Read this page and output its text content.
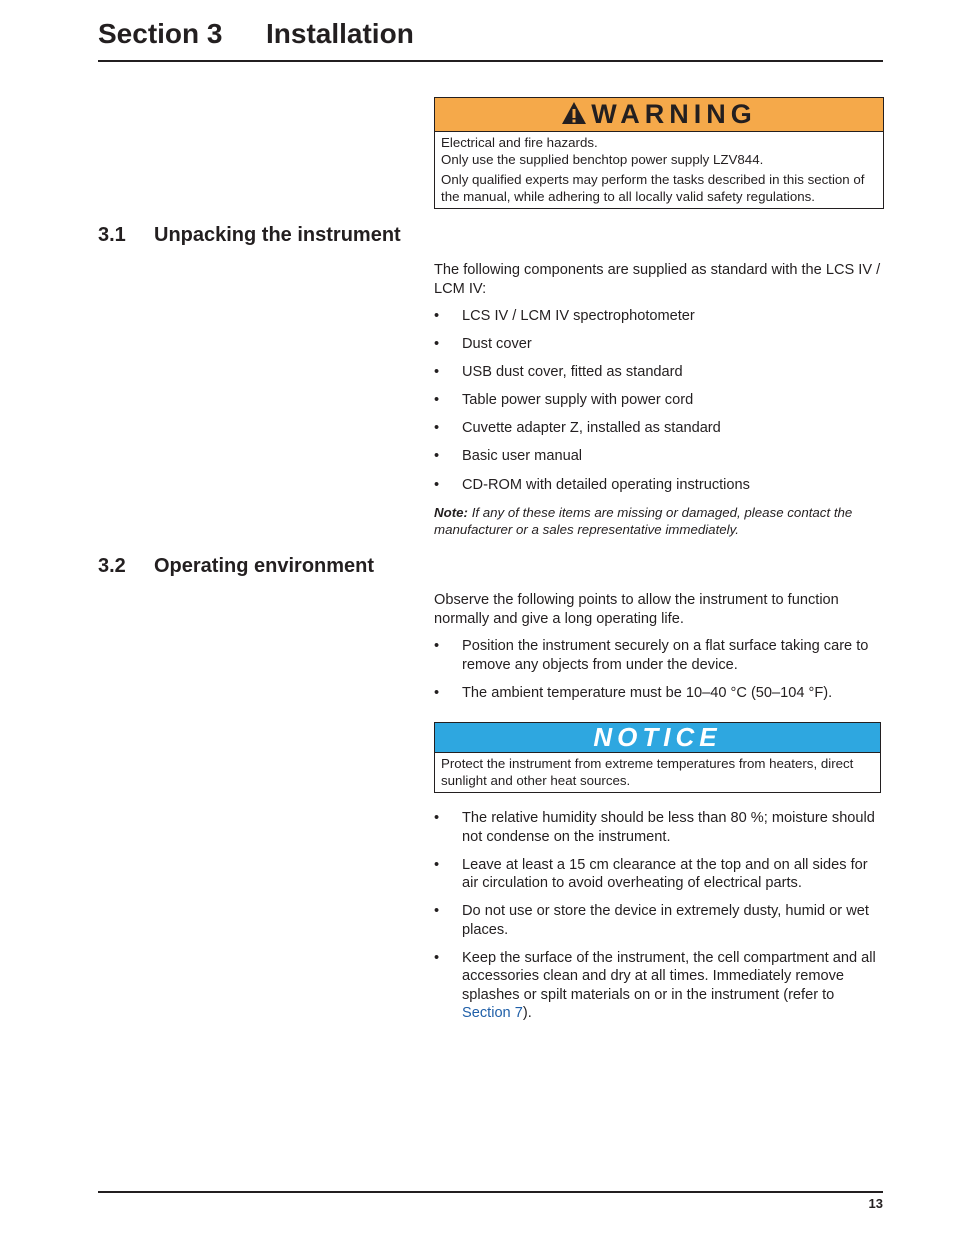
Section 3 Installation
WARNING

Electrical and fire hazards.
Only use the supplied benchtop power supply LZV844.

Only qualified experts may perform the tasks described in this section of the manual, while adhering to all locally valid safety regulations.

3.1 Unpacking the instrument
The following components are supplied as standard with the LCS IV / LCM IV:
• LCS IV / LCM IV spectrophotometer
• Dust cover
• USB dust cover, fitted as standard
• Table power supply with power cord
• Cuvette adapter Z, installed as standard
• Basic user manual
• CD-ROM with detailed operating instructions
Note: If any of these items are missing or damaged, please contact the manufacturer or a sales representative immediately.
3.2 Operating environment
Observe the following points to allow the instrument to function normally and give a long operating life.
• Position the instrument securely on a flat surface taking care to remove any objects from under the device.
• The ambient temperature must be 10–40 °C (50–104 °F).
NOTICE

Protect the instrument from extreme temperatures from heaters, direct sunlight and other heat sources.

• The relative humidity should be less than 80 %; moisture should not condense on the instrument.
• Leave at least a 15 cm clearance at the top and on all sides for air circulation to avoid overheating of electrical parts.
• Do not use or store the device in extremely dusty, humid or wet places.
• Keep the surface of the instrument, the cell compartment and all accessories clean and dry at all times. Immediately remove splashes or spilt materials on or in the instrument (refer to Section 7).
13
